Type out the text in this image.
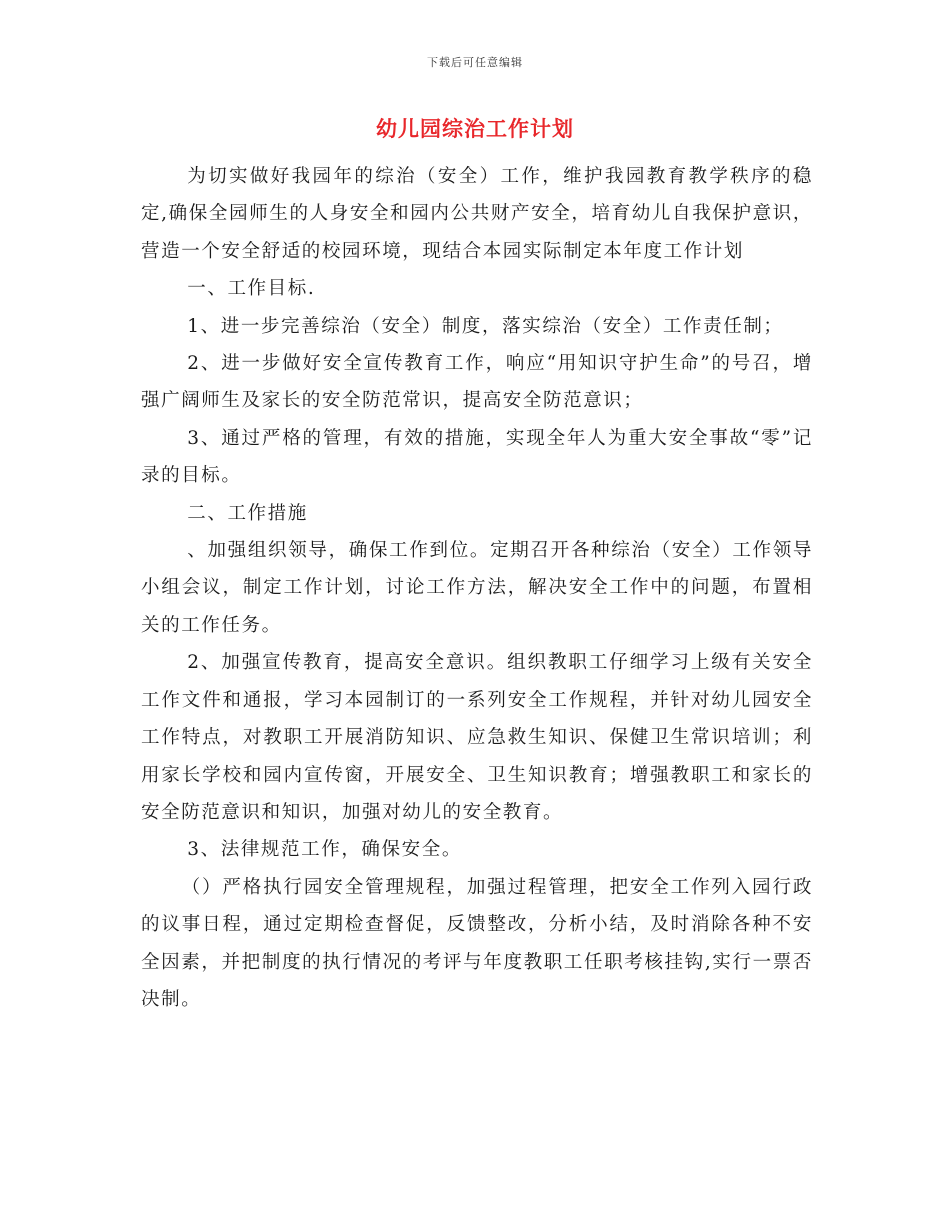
下载后可任意编辑
幼儿园综治工作计划

为切实做好我园年的综治（安全）工作，维护我园教育教学秩序的稳定,确保全园师生的人身安全和园内公共财产安全，培育幼儿自我保护意识，营造一个安全舒适的校园环境，现结合本园实际制定本年度工作计划

一、工作目标.

1、进一步完善综治（安全）制度，落实综治（安全）工作责任制；

2、进一步做好安全宣传教育工作，响应“用知识守护生命”的号召，增强广阔师生及家长的安全防范常识，提高安全防范意识；

3、通过严格的管理，有效的措施，实现全年人为重大安全事故“零”记录的目标。

二、工作措施

、加强组织领导，确保工作到位。定期召开各种综治（安全）工作领导小组会议，制定工作计划，讨论工作方法，解决安全工作中的问题，布置相关的工作任务。

2、加强宣传教育，提高安全意识。组织教职工仔细学习上级有关安全工作文件和通报，学习本园制订的一系列安全工作规程，并针对幼儿园安全工作特点，对教职工开展消防知识、应急救生知识、保健卫生常识培训；利用家长学校和园内宣传窗，开展安全、卫生知识教育；增强教职工和家长的安全防范意识和知识，加强对幼儿的安全教育。

3、法律规范工作，确保安全。

（）严格执行园安全管理规程，加强过程管理，把安全工作列入园行政的议事日程，通过定期检查督促，反馈整改，分析小结，及时消除各种不安全因素，并把制度的执行情况的考评与年度教职工任职考核挂钩,实行一票否决制。
